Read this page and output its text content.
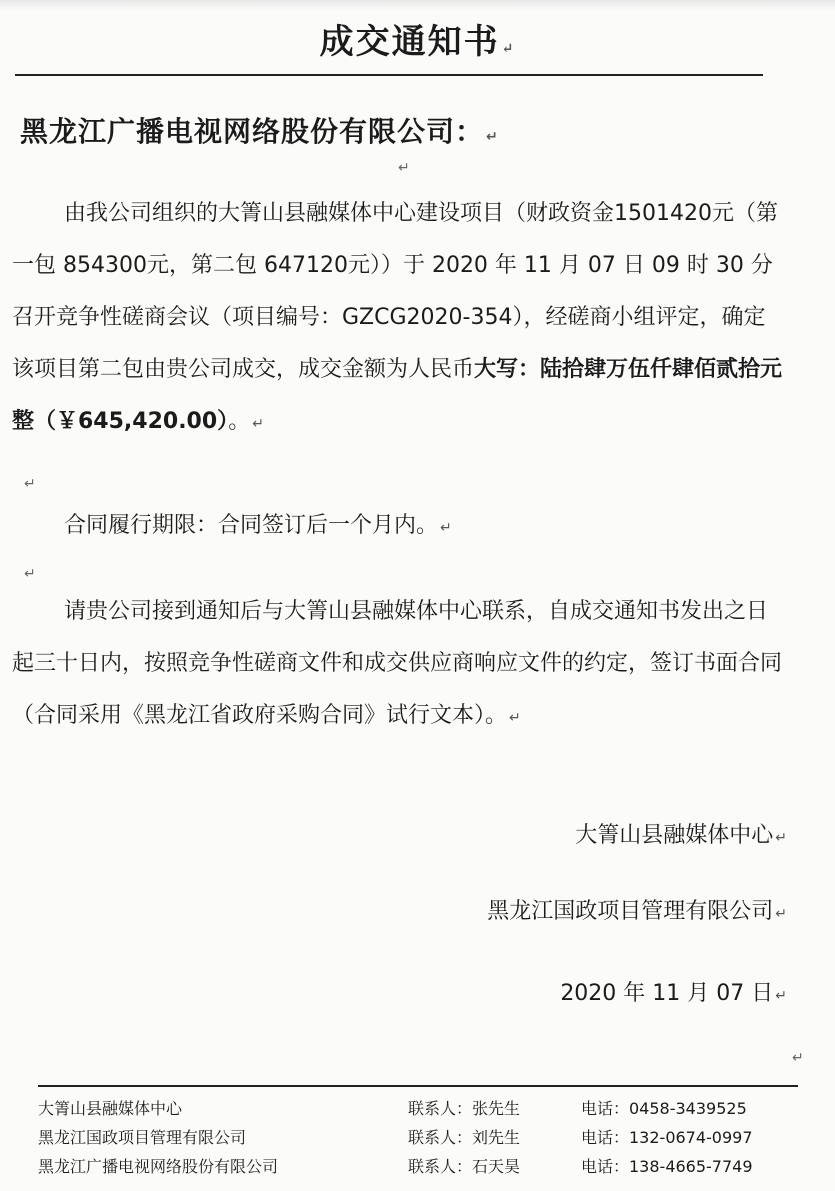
成交通知书 ↵
黑龙江广播电视网络股份有限公司： ↵
↵
由我公司组织的大箐山县融媒体中心建设项目（财政资金1501420元（第一包 854300元，第二包 647120元））于 2020 年 11 月 07 日 09 时 30 分召开竞争性磋商会议（项目编号：GZCG2020-354），经磋商小组评定，确定该项目第二包由贵公司成交，成交金额为人民币大写：陆拾肆万伍仟肆佰贰拾元整（￥645,420.00）。 ↵
↵
合同履行期限：合同签订后一个月内。 ↵
↵
请贵公司接到通知后与大箐山县融媒体中心联系，自成交通知书发出之日起三十日内，按照竞争性磋商文件和成交供应商响应文件的约定，签订书面合同（合同采用《黑龙江省政府采购合同》试行文本）。 ↵
大箐山县融媒体中心 ↵
黑龙江国政项目管理有限公司 ↵
2020 年 11 月 07 日 ↵
↵
大箐山县融媒体中心	联系人：张先生	电话：0458-3439525
黑龙江国政项目管理有限公司	联系人：刘先生	电话：132-0674-0997
黑龙江广播电视网络股份有限公司	联系人：石天昊	电话：138-4665-7749
